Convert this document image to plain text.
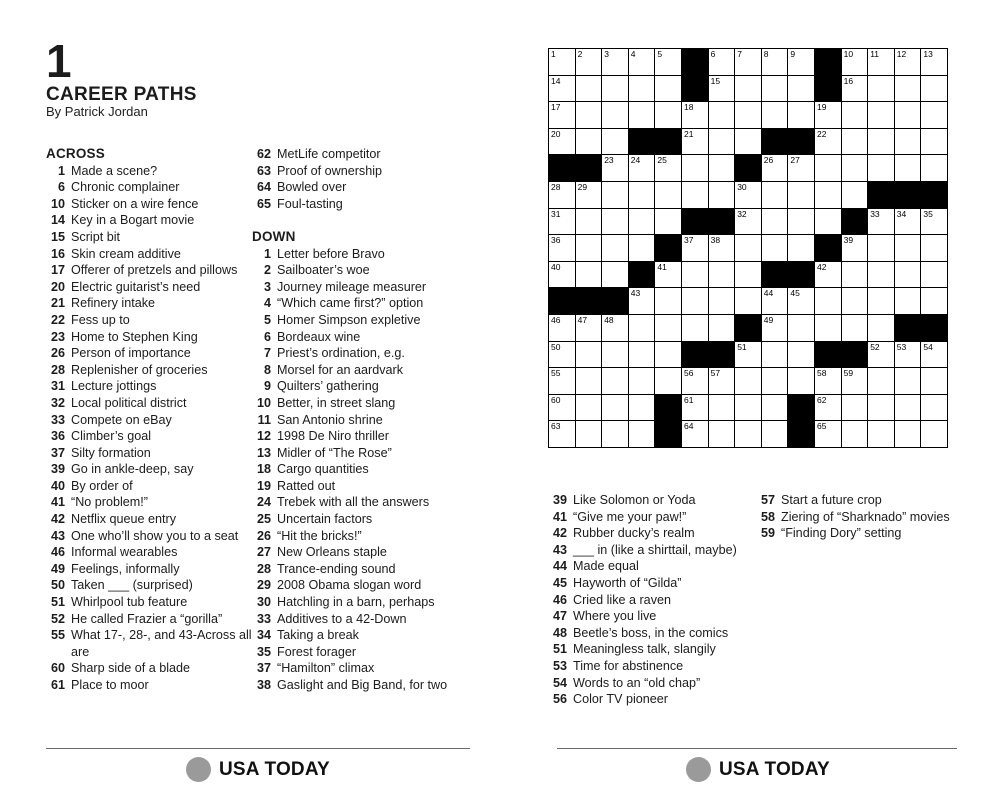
1
CAREER PATHS
By Patrick Jordan
ACROSS
1 Made a scene?
6 Chronic complainer
10 Sticker on a wire fence
14 Key in a Bogart movie
15 Script bit
16 Skin cream additive
17 Offerer of pretzels and pillows
20 Electric guitarist’s need
21 Refinery intake
22 Fess up to
23 Home to Stephen King
26 Person of importance
28 Replenisher of groceries
31 Lecture jottings
32 Local political district
33 Compete on eBay
36 Climber’s goal
37 Silty formation
39 Go in ankle-deep, say
40 By order of
41 “No problem!”
42 Netflix queue entry
43 One who’ll show you to a seat
46 Informal wearables
49 Feelings, informally
50 Taken ___ (surprised)
51 Whirlpool tub feature
52 He called Frazier a “gorilla”
55 What 17-, 28-, and 43-Across all are
60 Sharp side of a blade
61 Place to moor
62 MetLife competitor
63 Proof of ownership
64 Bowled over
65 Foul-tasting
DOWN
1 Letter before Bravo
2 Sailboater’s woe
3 Journey mileage measurer
4 “Which came first?” option
5 Homer Simpson expletive
6 Bordeaux wine
7 Priest’s ordination, e.g.
8 Morsel for an aardvark
9 Quilters’ gathering
10 Better, in street slang
11 San Antonio shrine
12 1998 De Niro thriller
13 Midler of “The Rose”
18 Cargo quantities
19 Ratted out
24 Trebek with all the answers
25 Uncertain factors
26 “Hit the bricks!”
27 New Orleans staple
28 Trance-ending sound
29 2008 Obama slogan word
30 Hatchling in a barn, perhaps
33 Additives to a 42-Down
34 Taking a break
35 Forest forager
37 “Hamilton” climax
38 Gaslight and Big Band, for two
1	2	3	4	5	6	7	8	9	10 11 12 13
14	15	16
17	18	19
20	21	22
23 24 25	26 27
28 29	30
31	32	33 34 35
36	37 38	39
40	41	42
43	44 45
46 47 48	49
50	51	52 53 54
55	56 57	58 59
60	61	62
63	64	65
39 Like Solomon or Yoda
41 “Give me your paw!”
42 Rubber ducky’s realm
43 ___ in (like a shirttail, maybe)
44 Made equal
45 Hayworth of “Gilda”
46 Cried like a raven
47 Where you live
48 Beetle’s boss, in the comics
51 Meaningless talk, slangily
53 Time for abstinence
54 Words to an “old chap”
56 Color TV pioneer
57 Start a future crop
58 Ziering of “Sharknado” movies
59 “Finding Dory” setting
USA TODAY	USA TODAY
